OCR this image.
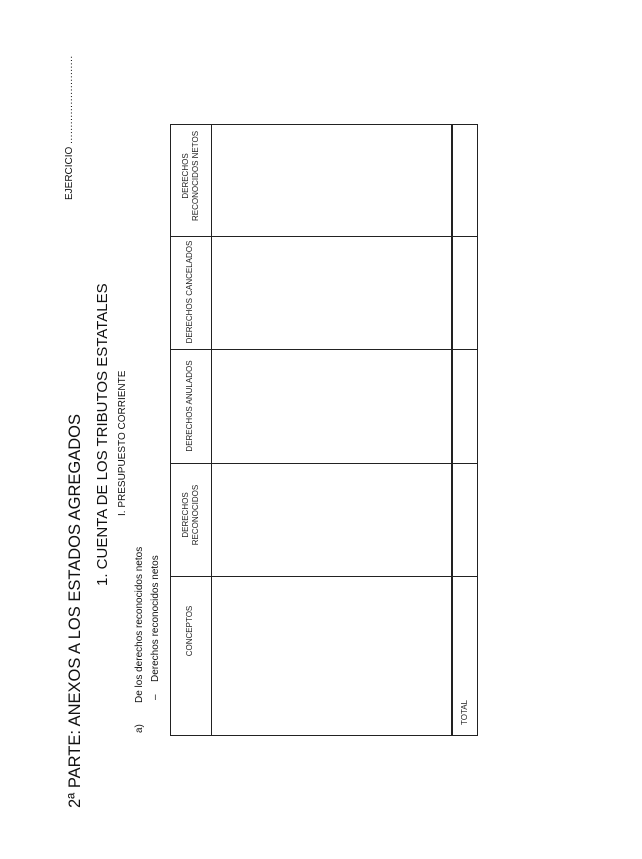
2ª PARTE: ANEXOS A LOS ESTADOS AGREGADOS 1. CUENTA DE LOS TRIBUTOS ESTATALES I. PRESUPUESTO CORRIENTE
EJERCICIO ...........................
a)De los derechos reconocidos netos –Derechos reconocidos netos	CONCEPTOS
DERECHOS RECONOCIDOS
DERECHOS ANULADOS
DERECHOS CANCELADOS
DERECHOS RECONOCIDOS NETOS
TOTAL
